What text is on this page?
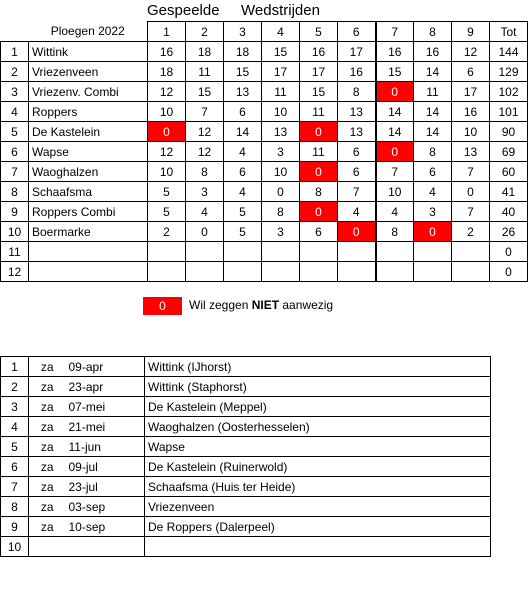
Gespeelde Wedstrijden
	Ploegen 2022	1	2	3	4	5	6	7	8	9	Tot
1	Wittink	16	18	18	15	16	17	16	16	12	144
2	Vriezenveen	18	11	15	17	17	16	15	14	6	129
3	Vriezenv. Combi	12	15	13	11	15	8	0	11	17	102
4	Roppers	10	7	6	10	11	13	14	14	16	101
5	De Kastelein	0	12	14	13	0	13	14	14	10	90
6	Wapse	12	12	4	3	11	6	0	8	13	69
7	Waoghalzen	10	8	6	10	0	6	7	6	7	60
8	Schaafsma	5	3	4	0	8	7	10	4	0	41
9	Roppers Combi	5	4	5	8	0	4	4	3	7	40
10	Boermarke	2	0	5	3	6	0	8	0	2	26
11											0
12											0
0	Wil zeggen NIET aanwezig
1	za	09-apr	Wittink (IJhorst)
2	za	23-apr	Wittink (Staphorst)
3	za	07-mei	De Kastelein (Meppel)
4	za	21-mei	Waoghalzen (Oosterhesselen)
5	za	11-jun	Wapse
6	za	09-jul	De Kastelein (Ruinerwold)
7	za	23-jul	Schaafsma (Huis ter Heide)
8	za	03-sep	Vriezenveen
9	za	10-sep	De Roppers (Dalerpeel)
10			
